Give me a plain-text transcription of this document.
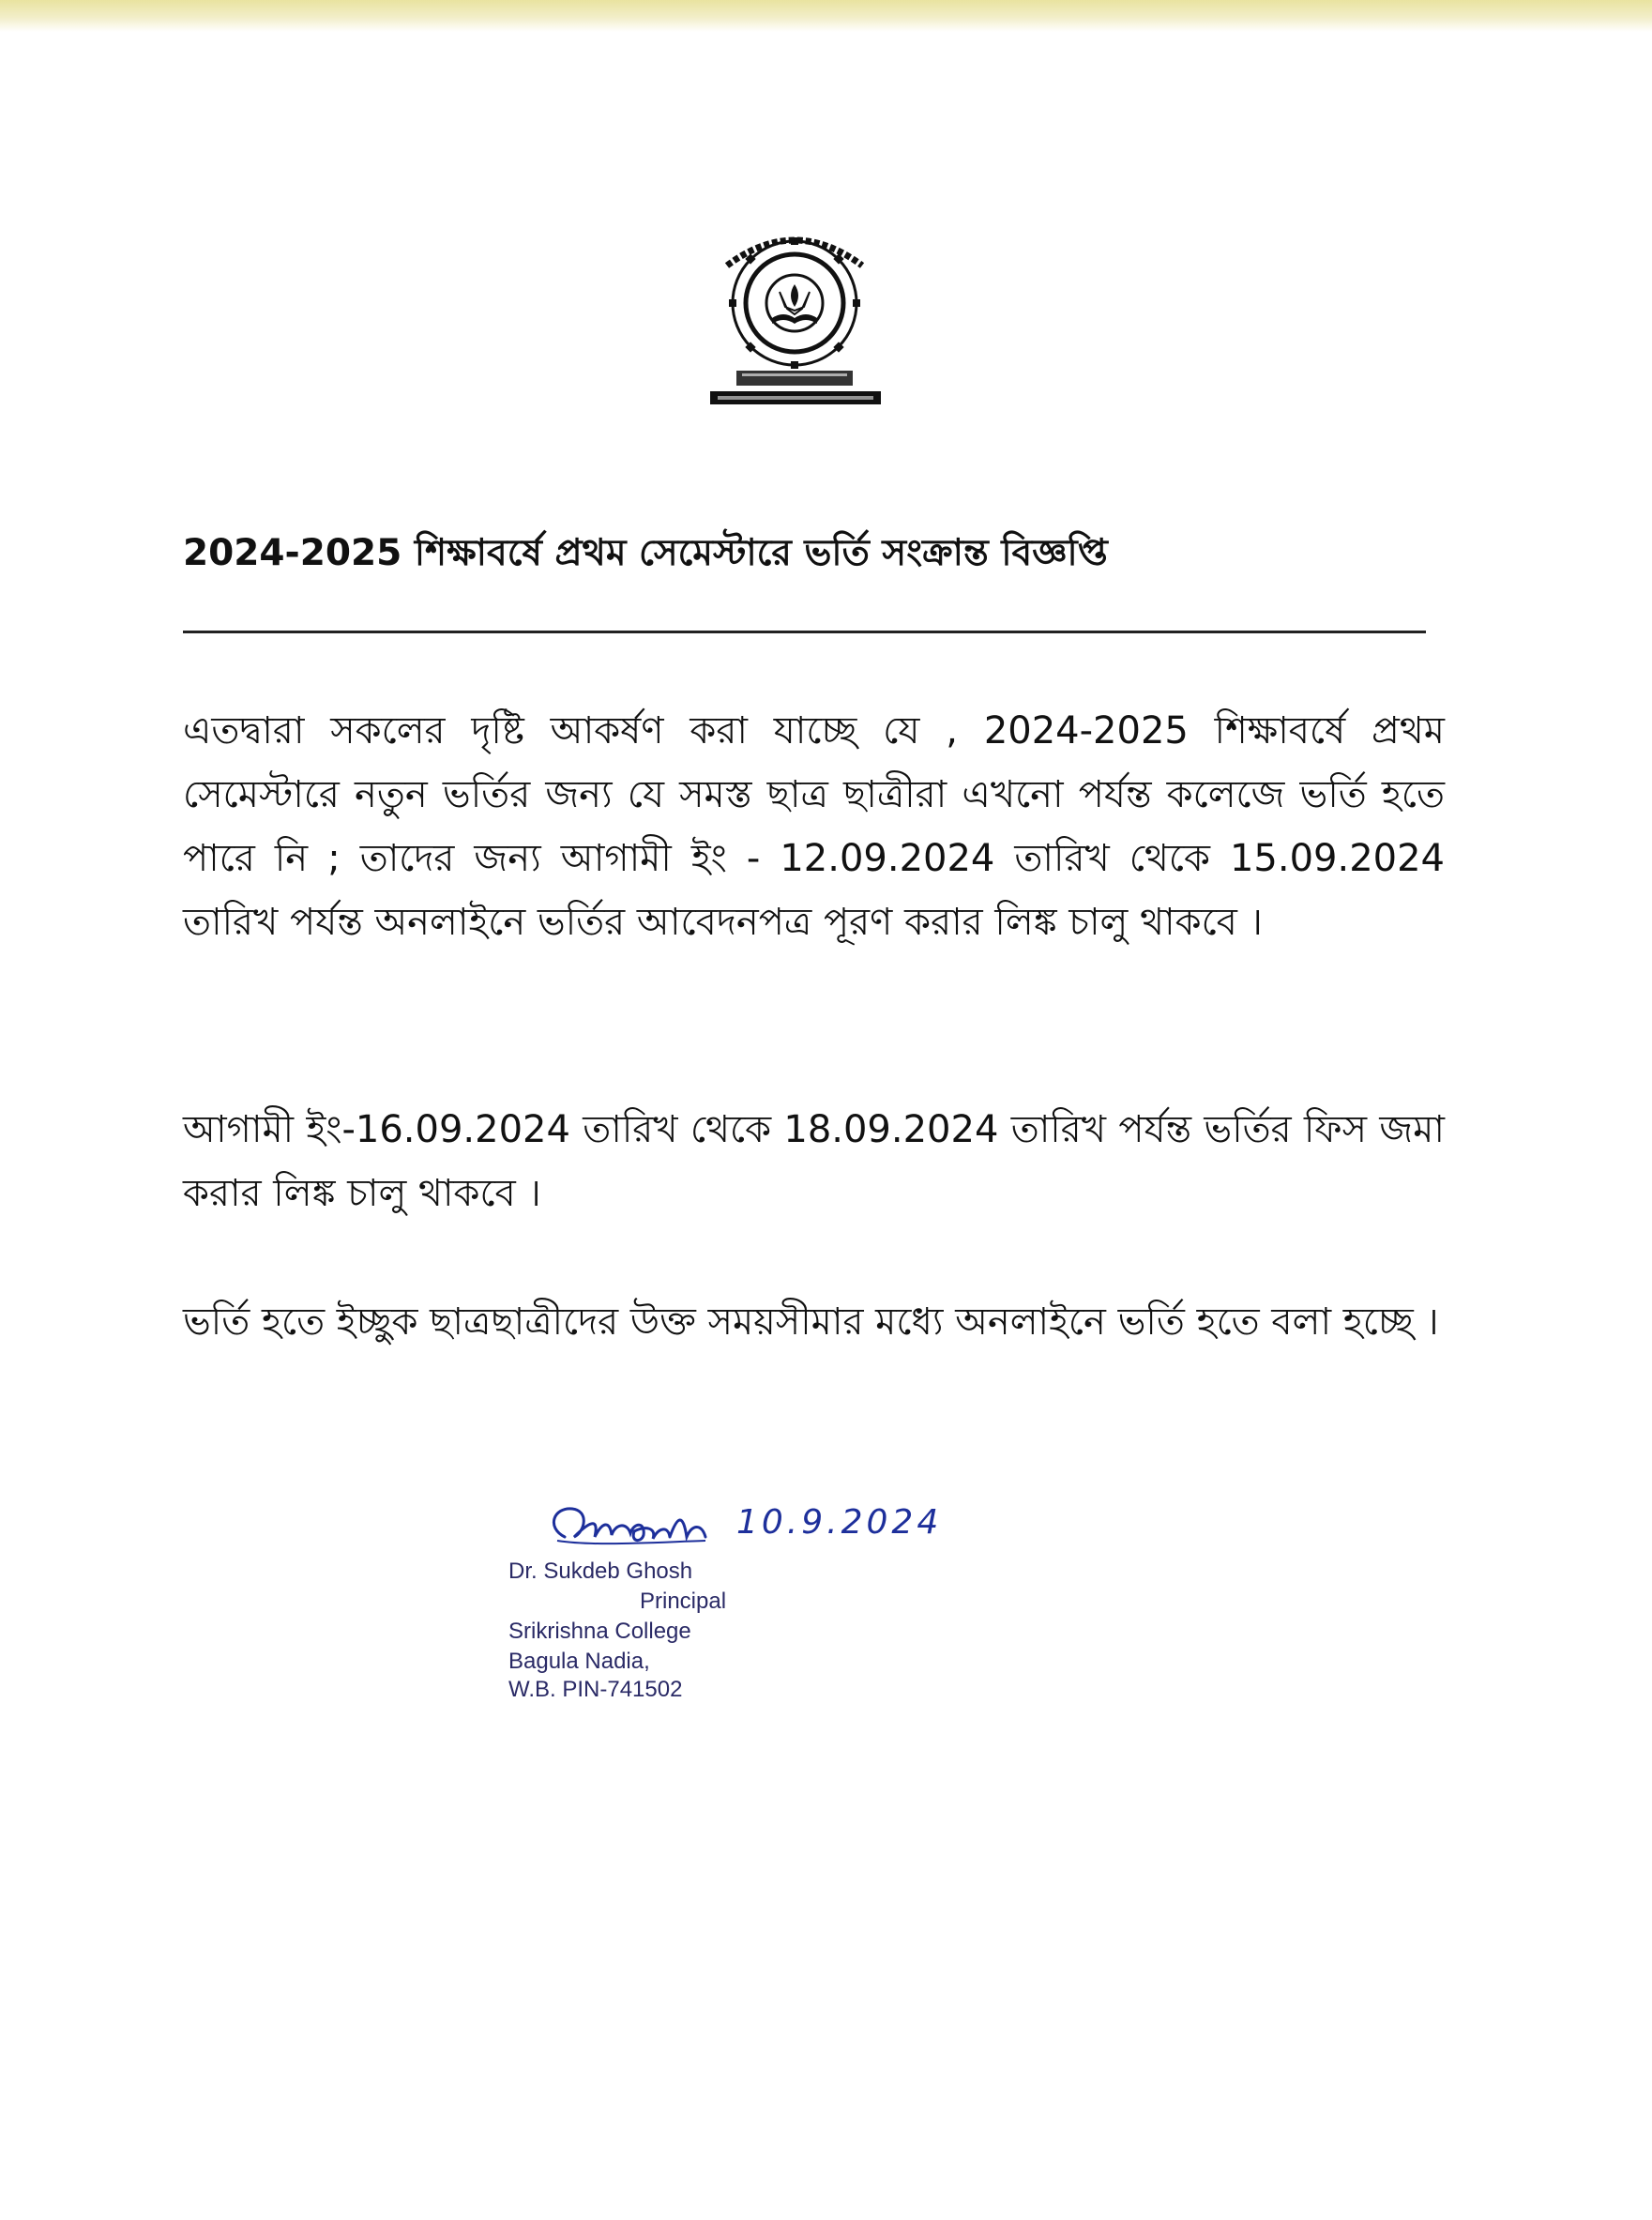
2024-2025 শিক্ষাবর্ষে প্রথম সেমেস্টারে ভর্তি সংক্রান্ত বিজ্ঞপ্তি

এতদ্বারা সকলের দৃষ্টি আকর্ষণ করা যাচ্ছে যে , 2024-2025 শিক্ষাবর্ষে প্রথম সেমেস্টারে নতুন ভর্তির জন্য যে সমস্ত ছাত্র ছাত্রীরা এখনো পর্যন্ত কলেজে ভর্তি হতে পারে নি ; তাদের জন্য আগামী ইং - 12.09.2024 তারিখ থেকে 15.09.2024 তারিখ পর্যন্ত অনলাইনে ভর্তির আবেদনপত্র পূরণ করার লিঙ্ক চালু থাকবে ।

আগামী ইং-16.09.2024 তারিখ থেকে 18.09.2024 তারিখ পর্যন্ত ভর্তির ফিস জমা করার লিঙ্ক চালু থাকবে ।

ভর্তি হতে ইচ্ছুক ছাত্রছাত্রীদের উক্ত সময়সীমার মধ্যে অনলাইনে ভর্তি হতে বলা হচ্ছে ।

10.9.2024
Dr. Sukdeb Ghosh
Principal
Srikrishna College
Bagula Nadia,
W.B. PIN-741502
